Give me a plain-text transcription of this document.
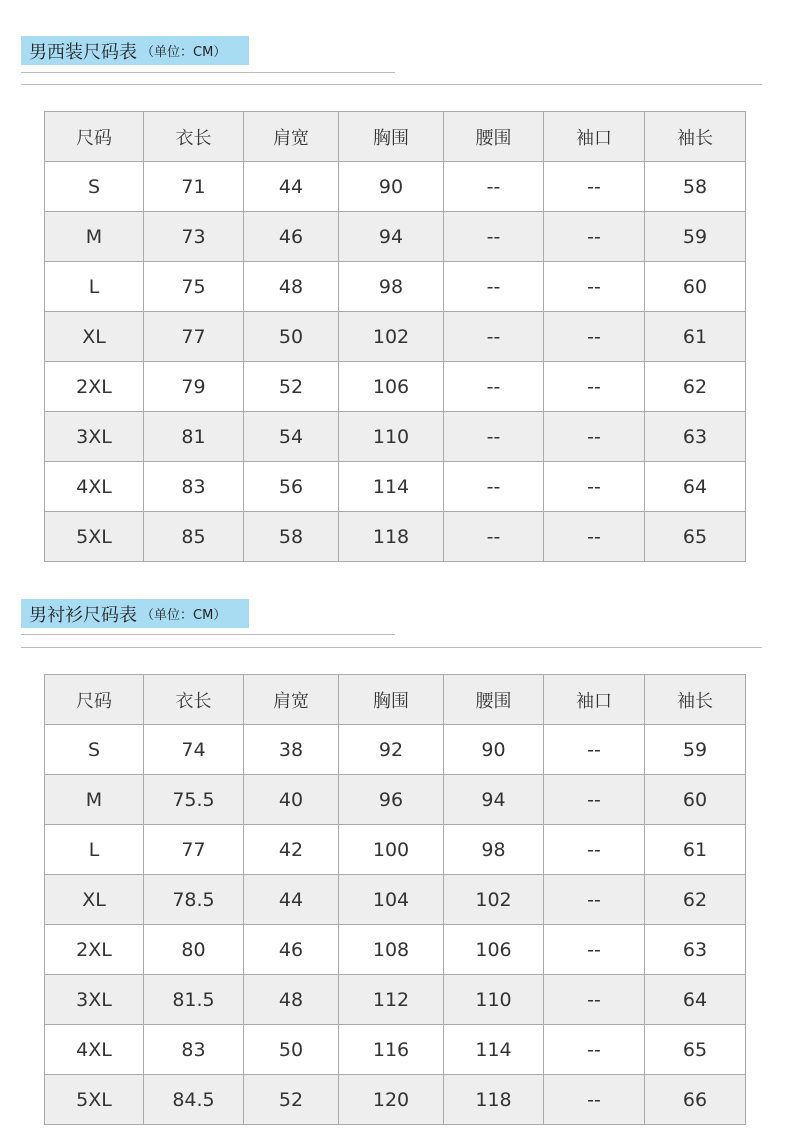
男西装尺码表 （单位：CM）
尺码	衣长	肩宽	胸围	腰围	袖口	袖长
S	71	44	90	--	--	58
M	73	46	94	--	--	59
L	75	48	98	--	--	60
XL	77	50	102	--	--	61
2XL	79	52	106	--	--	62
3XL	81	54	110	--	--	63
4XL	83	56	114	--	--	64
5XL	85	58	118	--	--	65
男衬衫尺码表 （单位：CM）
尺码	衣长	肩宽	胸围	腰围	袖口	袖长
S	74	38	92	90	--	59
M	75.5	40	96	94	--	60
L	77	42	100	98	--	61
XL	78.5	44	104	102	--	62
2XL	80	46	108	106	--	63
3XL	81.5	48	112	110	--	64
4XL	83	50	116	114	--	65
5XL	84.5	52	120	118	--	66
